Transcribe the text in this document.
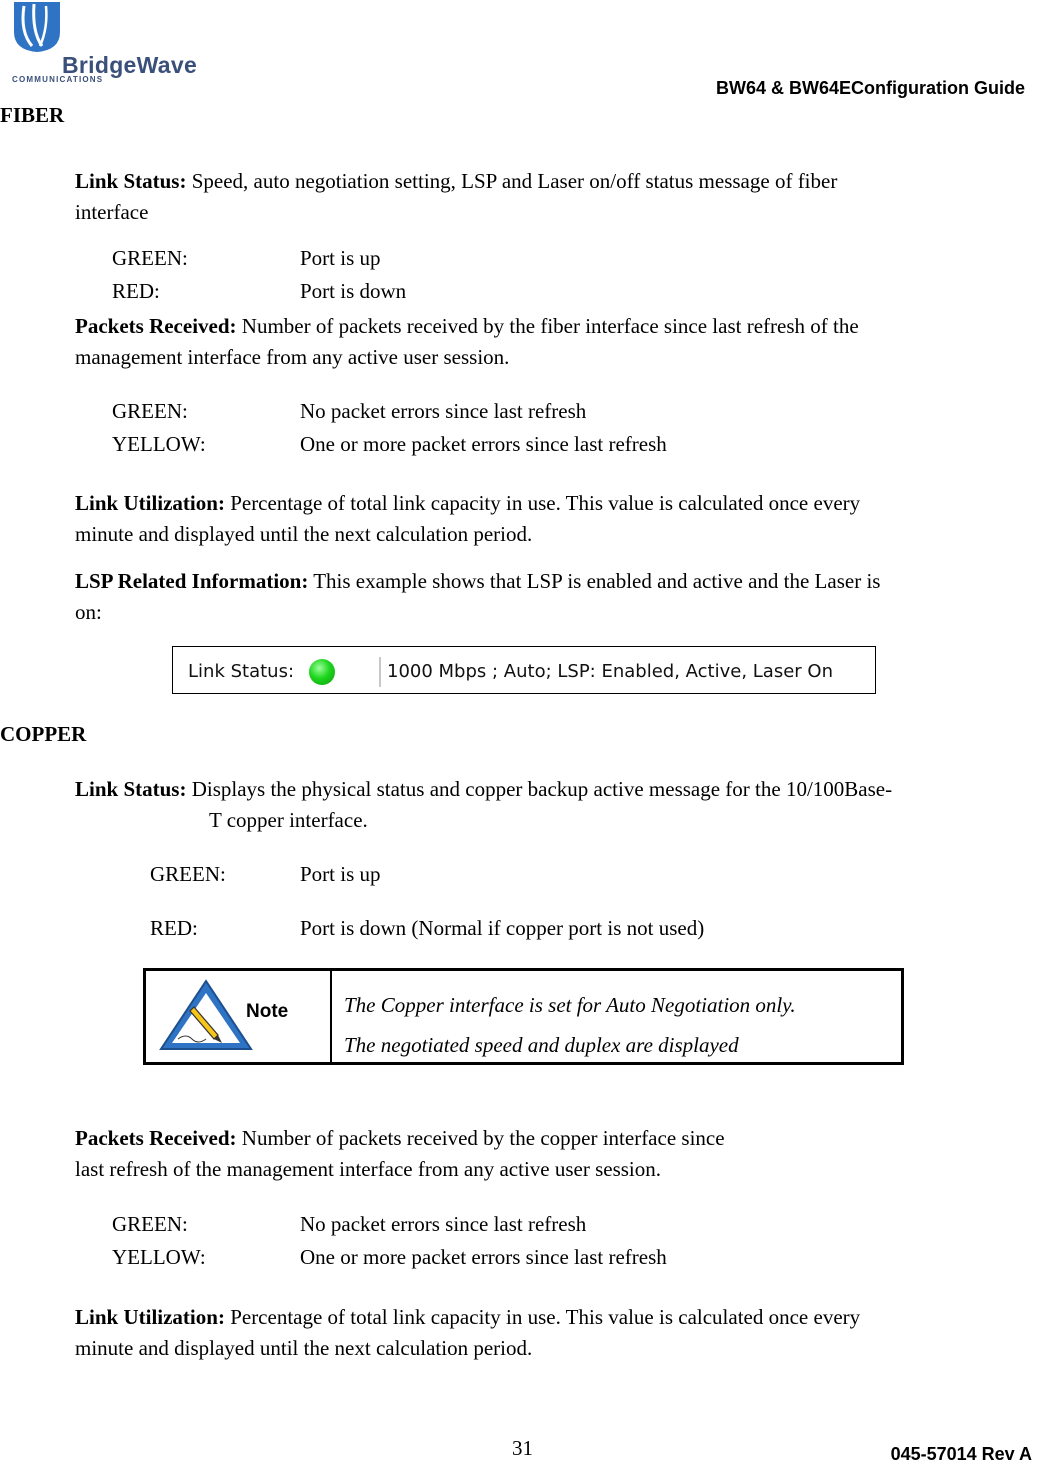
BridgeWave
COMMUNICATIONS	BW64 & BW64EConfiguration Guide
FIBER
Link Status: Speed, auto negotiation setting, LSP and Laser on/off status message of fiber
interface
GREEN:	Port is up
RED:	Port is down
Packets Received: Number of packets received by the fiber interface since last refresh of the
management interface from any active user session.
GREEN:	No packet errors since last refresh
YELLOW:	One or more packet errors since last refresh
Link Utilization: Percentage of total link capacity in use. This value is calculated once every
minute and displayed until the next calculation period.
LSP Related Information: This example shows that LSP is enabled and active and the Laser is
on:
Link Status:	1000 Mbps ; Auto; LSP: Enabled, Active, Laser On
COPPER
Link Status: Displays the physical status and copper backup active message for the 10/100Base-
T copper interface.
GREEN:	Port is up
RED:	Port is down (Normal if copper port is not used)
Note	The Copper interface is set for Auto Negotiation only.
The negotiated speed and duplex are displayed
Packets Received: Number of packets received by the copper interface since
last refresh of the management interface from any active user session.
GREEN:	No packet errors since last refresh
YELLOW:	One or more packet errors since last refresh
Link Utilization: Percentage of total link capacity in use. This value is calculated once every
minute and displayed until the next calculation period.
31	045-57014 Rev A
